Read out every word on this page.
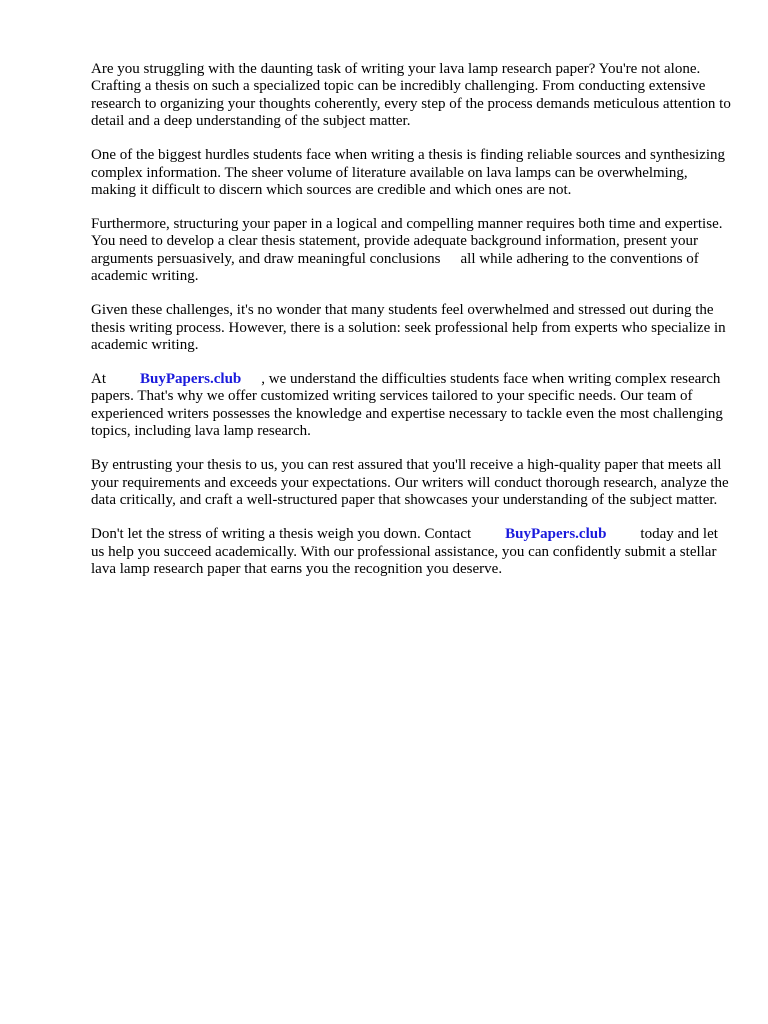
Are you struggling with the daunting task of writing your lava lamp research paper? You're not alone. Crafting a thesis on such a specialized topic can be incredibly challenging. From conducting extensive research to organizing your thoughts coherently, every step of the process demands meticulous attention to detail and a deep understanding of the subject matter.

One of the biggest hurdles students face when writing a thesis is finding reliable sources and synthesizing complex information. The sheer volume of literature available on lava lamps can be overwhelming, making it difficult to discern which sources are credible and which ones are not.

Furthermore, structuring your paper in a logical and compelling manner requires both time and expertise. You need to develop a clear thesis statement, provide adequate background information, present your arguments persuasively, and draw meaningful conclusions all while adhering to the conventions of academic writing.

Given these challenges, it's no wonder that many students feel overwhelmed and stressed out during the thesis writing process. However, there is a solution: seek professional help from experts who specialize in academic writing.

At BuyPapers.club , we understand the difficulties students face when writing complex research papers. That's why we offer customized writing services tailored to your specific needs. Our team of experienced writers possesses the knowledge and expertise necessary to tackle even the most challenging topics, including lava lamp research.

By entrusting your thesis to us, you can rest assured that you'll receive a high-quality paper that meets all your requirements and exceeds your expectations. Our writers will conduct thorough research, analyze the data critically, and craft a well-structured paper that showcases your understanding of the subject matter.

Don't let the stress of writing a thesis weigh you down. Contact BuyPapers.club today and let us help you succeed academically. With our professional assistance, you can confidently submit a stellar lava lamp research paper that earns you the recognition you deserve.
